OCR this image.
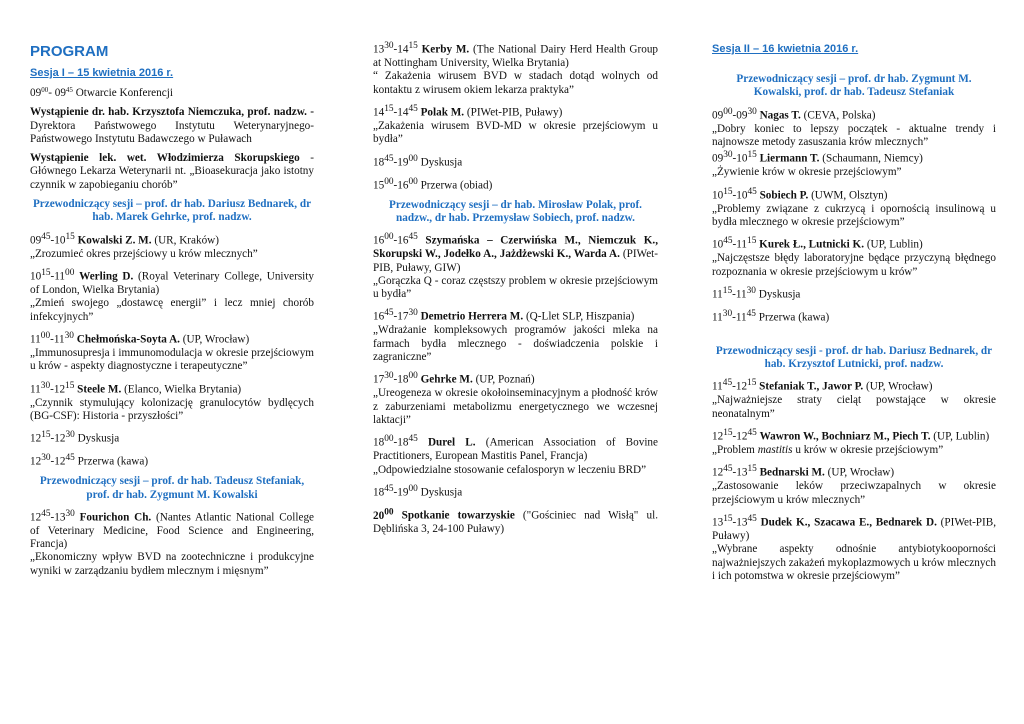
PROGRAM
Sesja I – 15 kwietnia 2016 r.
$09^{00}-$ $09^{45}$ Otwarcie Konferencji
Wystąpienie dr. hab. Krzysztofa Niemczuka, prof. nadzw. - Dyrektora Państwowego Instytutu Weterynaryjnego-Państwowego Instytutu Badawczego w Puławach
Wystąpienie lek. wet. Włodzimierza Skorupskiego - Głównego Lekarza Weterynarii nt. „Bioasekuracja jako istotny czynnik w zapobieganiu chorób”
Przewodniczący sesji – prof. dr hab. Dariusz Bednarek, dr hab. Marek Gehrke, prof. nadzw.
$09^{45}-10^{15}$ Kowalski Z. M. (UR, Kraków)

„Zrozumieć okres przejściowy u krów mlecznych”

$10^{15}-11^{00}$ Werling D. (Royal Veterinary College, University of London, Wielka Brytania)

„Zmień swojego „dostawcę energii” i lecz mniej chorób infekcyjnych”

$11^{00}-11^{30}$ Chełmońska-Soyta A. (UP, Wrocław)

„Immunosupresja i immunomodulacja w okresie przejściowym u krów - aspekty diagnostyczne i terapeutyczne”

$11^{30}-12^{15}$ Steele M. (Elanco, Wielka Brytania)

„Czynnik stymulujący kolonizację granulocytów bydlęcych (BG-CSF): Historia - przyszłości”

$12^{15}-12^{30}$ Dyskusja
$12^{30}-12^{45}$ Przerwa (kawa)
Przewodniczący sesji – prof. dr hab. Tadeusz Stefaniak, prof. dr hab. Zygmunt M. Kowalski
$12^{45}-13^{30}$ Fourichon Ch. (Nantes Atlantic National College of Veterinary Medicine, Food Science and Engineering, Francja)

„Ekonomiczny wpływ BVD na zootechniczne i produkcyjne wyniki w zarządzaniu bydłem mlecznym i mięsnym”

$13^{30}-14^{15}$ Kerby M. (The National Dairy Herd Health Group at Nottingham University, Wielka Brytania)

“ Zakażenia wirusem BVD w stadach dotąd wolnych od kontaktu z wirusem okiem lekarza praktyka”

$14^{15}-14^{45}$ Polak M. (PIWet-PIB, Puławy)

„Zakażenia wirusem BVD-MD w okresie przejściowym u bydła”

$18^{45}-19^{00}$ Dyskusja
$15^{00}-16^{00}$ Przerwa (obiad)
Przewodniczący sesji – dr hab. Mirosław Polak, prof. nadzw., dr hab. Przemysław Sobiech, prof. nadzw.
$16^{00}-16^{45}$ Szymańska – Czerwińska M., Niemczuk K., Skorupski W., Jodełko A., Jażdżewski K., Warda A. (PIWet-PIB, Puławy, GIW)

„Gorączka Q - coraz częstszy problem w okresie przejściowym u bydła”

$16^{45}-17^{30}$ Demetrio Herrera M. (Q-Llet SLP, Hiszpania)

„Wdrażanie kompleksowych programów jakości mleka na farmach bydła mlecznego - doświadczenia polskie i zagraniczne”

$17^{30}-18^{00}$ Gehrke M. (UP, Poznań)

„Ureogeneza w okresie okołoinseminacyjnym a płodność krów z zaburzeniami metabolizmu energetycznego we wczesnej laktacji”

$18^{00}-18^{45}$ Durel L. (American Association of Bovine Practitioners, European Mastitis Panel, Francja)

„Odpowiedzialne stosowanie cefalosporyn w leczeniu BRD”

$18^{45}-19^{00}$ Dyskusja
$20^{00}$ Spotkanie towarzyskie ("Gościniec nad Wisłą" ul. Dęblińska 3, 24-100 Puławy)
Sesja II – 16 kwietnia 2016 r.
Przewodniczący sesji – prof. dr hab. Zygmunt M. Kowalski, prof. dr hab. Tadeusz Stefaniak
$09^{00}-09^{30}$ Nagas T. (CEVA, Polska)

„Dobry koniec to lepszy początek - aktualne trendy i najnowsze metody zasuszania krów mlecznych”

$09^{30}-10^{15}$ Liermann T. (Schaumann, Niemcy)

„Żywienie krów w okresie przejściowym”

$10^{15}-10^{45}$ Sobiech P. (UWM, Olsztyn)

„Problemy związane z cukrzycą i opornością insulinową u bydła mlecznego w okresie przejściowym”

$10^{45}-11^{15}$ Kurek Ł., Lutnicki K. (UP, Lublin)

„Najczęstsze błędy laboratoryjne będące przyczyną błędnego rozpoznania w okresie przejściowym u krów”

$11^{15}-11^{30}$ Dyskusja
$11^{30}-11^{45}$ Przerwa (kawa)
Przewodniczący sesji - prof. dr hab. Dariusz Bednarek, dr hab. Krzysztof Lutnicki, prof. nadzw.
$11^{45}-12^{15}$ Stefaniak T., Jawor P. (UP, Wrocław)

„Najważniejsze straty cieląt powstające w okresie neonatalnym”

$12^{15}-12^{45}$ Wawron W., Bochniarz M., Piech T. (UP, Lublin)

„Problem mastitis u krów w okresie przejściowym”

$12^{45}-13^{15}$ Bednarski M. (UP, Wrocław)

„Zastosowanie leków przeciwzapalnych w okresie przejściowym u krów mlecznych”

$13^{15}-13^{45}$ Dudek K., Szacawa E., Bednarek D. (PIWet-PIB, Puławy)

„Wybrane aspekty odnośnie antybiotykooporności najważniejszych zakażeń mykoplazmowych u krów mlecznych i ich potomstwa w okresie przejściowym”
